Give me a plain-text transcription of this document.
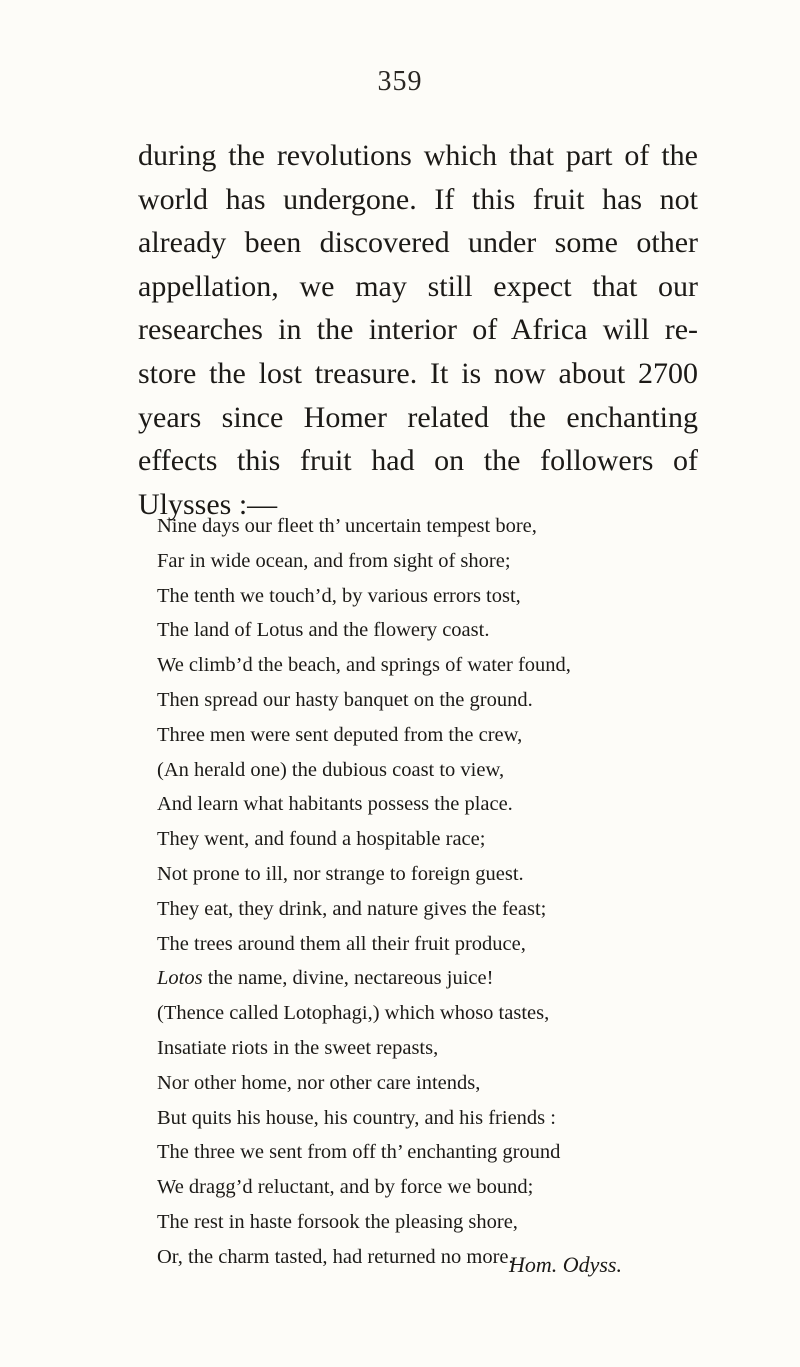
359
during the revolutions which that part of the
world has undergone. If this fruit has not
already been discovered under some other
appellation, we may still expect that our
researches in the interior of Africa will re-
store the lost treasure. It is now about 2700
years since Homer related the enchanting
effects this fruit had on the followers of
Ulysses :—
Nine days our fleet th’ uncertain tempest bore,
Far in wide ocean, and from sight of shore;
The tenth we touch’d, by various errors tost,
The land of Lotus and the flowery coast.
We climb’d the beach, and springs of water found,
Then spread our hasty banquet on the ground.
Three men were sent deputed from the crew,
(An herald one) the dubious coast to view,
And learn what habitants possess the place.
They went, and found a hospitable race;
Not prone to ill, nor strange to foreign guest.
They eat, they drink, and nature gives the feast;
The trees around them all their fruit produce,
Lotos the name, divine, nectareous juice!
(Thence called Lotophagi,) which whoso tastes,
Insatiate riots in the sweet repasts,
Nor other home, nor other care intends,
But quits his house, his country, and his friends :
The three we sent from off th’ enchanting ground
We dragg’d reluctant, and by force we bound;
The rest in haste forsook the pleasing shore,
Or, the charm tasted, had returned no more.
Hom. Odyss.
